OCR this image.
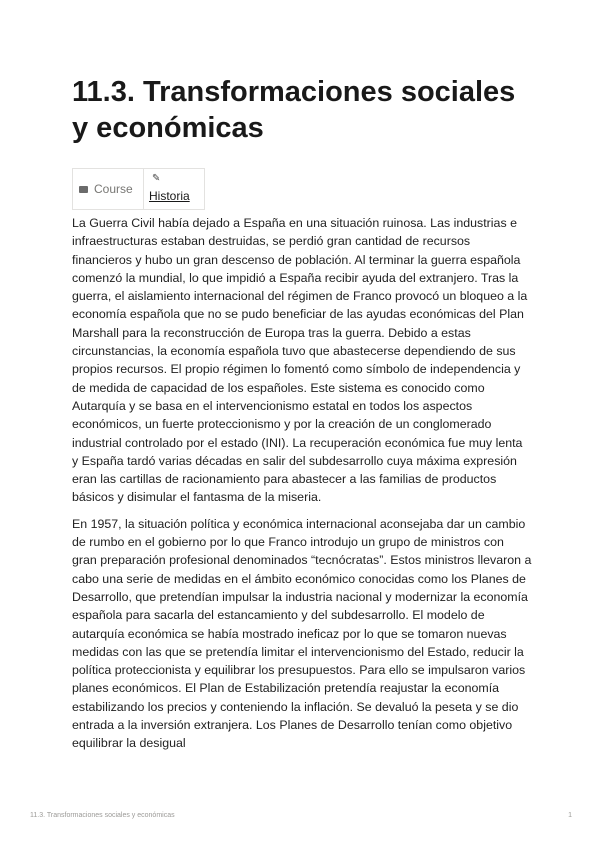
11.3. Transformaciones sociales y económicas
Course	
✎
Historia

La Guerra Civil había dejado a España en una situación ruinosa. Las industrias e infraestructuras estaban destruidas, se perdió gran cantidad de recursos financieros y hubo un gran descenso de población. Al terminar la guerra española comenzó la mundial, lo que impidió a España recibir ayuda del extranjero. Tras la guerra, el aislamiento internacional del régimen de Franco provocó un bloqueo a la economía española que no se pudo beneficiar de las ayudas económicas del Plan Marshall para la reconstrucción de Europa tras la guerra. Debido a estas circunstancias, la economía española tuvo que abastecerse dependiendo de sus propios recursos. El propio régimen lo fomentó como símbolo de independencia y de medida de capacidad de los españoles. Este sistema es conocido como Autarquía y se basa en el intervencionismo estatal en todos los aspectos económicos, un fuerte proteccionismo y por la creación de un conglomerado industrial controlado por el estado (INI). La recuperación económica fue muy lenta y España tardó varias décadas en salir del subdesarrollo cuya máxima expresión eran las cartillas de racionamiento para abastecer a las familias de productos básicos y disimular el fantasma de la miseria.

En 1957, la situación política y económica internacional aconsejaba dar un cambio de rumbo en el gobierno por lo que Franco introdujo un grupo de ministros con gran preparación profesional denominados “tecnócratas”. Estos ministros llevaron a cabo una serie de medidas en el ámbito económico conocidas como los Planes de Desarrollo, que pretendían impulsar la industria nacional y modernizar la economía española para sacarla del estancamiento y del subdesarrollo. El modelo de autarquía económica se había mostrado ineficaz por lo que se tomaron nuevas medidas con las que se pretendía limitar el intervencionismo del Estado, reducir la política proteccionista y equilibrar los presupuestos. Para ello se impulsaron varios planes económicos. El Plan de Estabilización pretendía reajustar la economía estabilizando los precios y conteniendo la inflación. Se devaluó la peseta y se dio entrada a la inversión extranjera. Los Planes de Desarrollo tenían como objetivo equilibrar la desigual

11.3. Transformaciones sociales y económicas	1
